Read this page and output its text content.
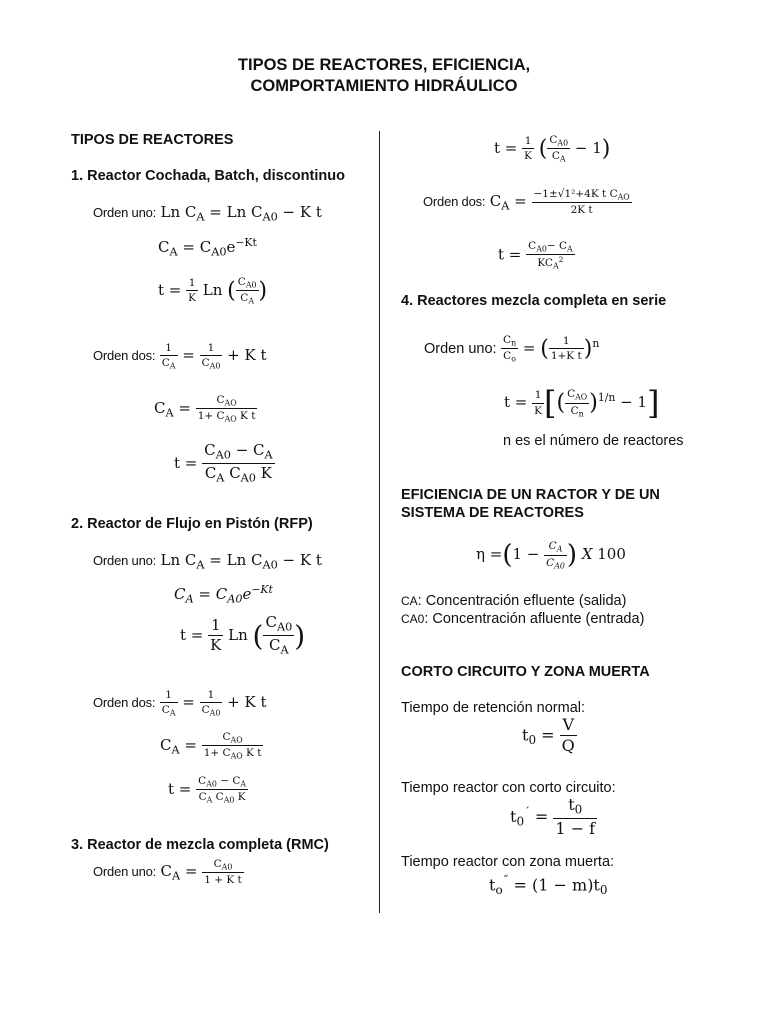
TIPOS DE REACTORES, EFICIENCIA,
COMPORTAMIENTO HIDRÁULICO
TIPOS DE REACTORES
1. Reactor Cochada, Batch, discontinuo
Orden uno: Ln $C_A = Ln$ $C_{A0} - K$ t
$C_A = C_{A0}e^{-Kt}$
$t = \frac{1}{K}$ Ln ( $\frac{C_{A0}}{C_A}$ )
Orden dos: $\frac{1}{C_A} = \frac{1}{C_{A0}} + K$ t
$C_A = \frac{C_{AO}}{1+ C_{AO} K t}$
$t = \frac{C_{A0} - C_A}{C_A C_{A0} K}$
2. Reactor de Flujo en Pistón (RFP)
Orden uno: Ln $C_A = Ln$ $C_{A0} - K$ t
$C_A = C_{A0}e^{-Kt}$
$t = \frac{1}{K}$ Ln ( $\frac{C_{A0}}{C_A}$ )
Orden dos: $\frac{1}{C_A} = \frac{1}{C_{A0}} + K$ t
$C_A = \frac{C_{AO}}{1+ C_{AO} K t}$
$t = \frac{C_{A0} - C_A}{C_A C_{A0} K}$
3. Reactor de mezcla completa (RMC)
Orden uno: $C_A = \frac{C_{A0}}{\text{1 + K t}}$
$t = \frac{1}{K}$ ( $\frac{C_{A0}}{C_A} - 1$)
Orden dos: $C_A = \frac{-1\pm√1^2+4K t C_{AO}}{\text{2K t}}$
$t = \frac{C_{A0}- C_A}{KC_A^2}$
4. Reactores mezcla completa en serie
Orden uno: $\frac{C_n}{C_o}$ = ( $\frac{1}{\text{1+K t}} )^n$
$t = \frac{1}{K}$ [( $\frac{C_{AO}}{C_n} )^{1/n} - 1$]
n es el número de reactores
EFICIENCIA DE UN RACTOR Y DE UN
SISTEMA DE REACTORES
$\eta =(1 - \frac{C_A}{C_{A0}}$ ) X 100
CA: Concentración efluente (salida)
CA0: Concentración afluente (entrada)
CORTO CIRCUITO Y ZONA MUERTA
Tiempo de retención normal:
$t_0 = \frac{V}{Q}$
Tiempo reactor con corto circuito:
$t_0^´ = \frac{t_0}{1 - f}$
Tiempo reactor con zona muerta:
$t_o^˝ = (1 - m)t_0$
